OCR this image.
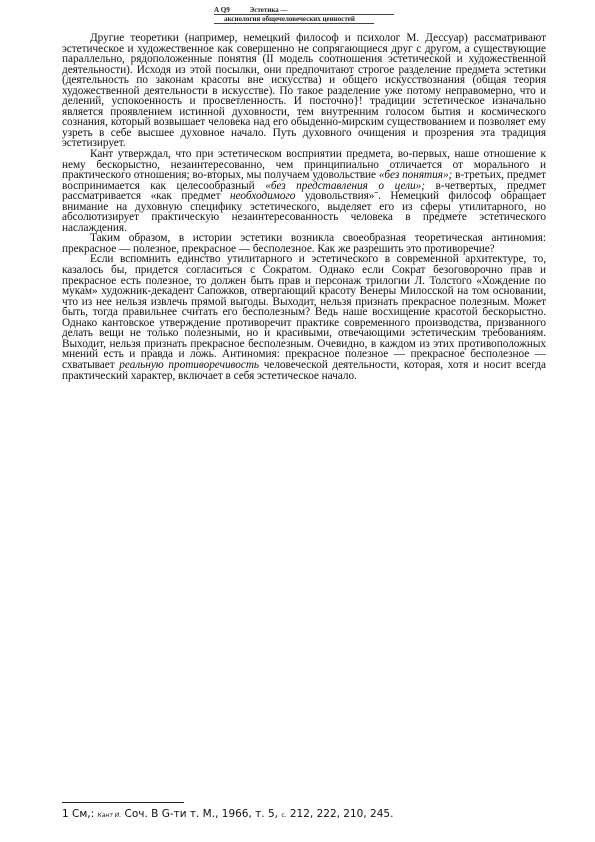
А Q9	Эстетика —
аксиология общечеловеческих ценностей

Другие теоретики (например, немецкий философ и психолог М. Дессуар) рассматривают эстетическое и художественное как совершенно не сопрягающиеся друг с другом, а существующие параллельно, рядоположенные понятия (II модель соотношения эстетической и художественной деятельности). Исходя из этой посылки, они предпочитают строгое разделение предмета эстетики (деятельность по законам красоты вне искусства) и общего искусствознания (общая теория художественной деятельности в искусстве). По такое разделение уже потому неправомерно, что и делений, успокоенность и просветленность. И посточно}! традиции эстетическое изначально является проявлением истинной духовности, тем внутренним голосом бытия и космического сознания, который возвышает человека над его обыденно-мирским существованием и позволяет ему узреть в себе высшее духовное начало. Путь духовного очищения и прозрения эта традиция эстетизирует.

Кант утверждал, что при эстетическом восприятии предмета, во-первых, наше отношение к нему бескорыстно, незаинтересованно, чем принципиально отличается от морального и практического отношения; во-вторых, мы получаем удовольствие «без понятия»; в-третьих, предмет воспринимается как целесообразный «без представления о цели»; в-четвертых, предмет рассматривается «как предмет необходимого удовольствия»ˉ. Немецкий философ обращает внимание на духовную специфику эстетического, выделяет его из сферы утилитарного, но абсолютизирует практическую незаинтересованность человека в предмете эстетического наслаждения.

Таким образом, в истории эстетики возникла своеобразная теоретическая антиномия: прекрасное — полезное, прекрасное — бесполезное. Как же разрешить это противоречие?

Если вспомнить единство утилитарного и эстетического в современной архитектуре, то, казалось бы, придется согласиться с Сократом. Однако если Сократ безоговорочно прав и прекрасное есть полезное, то должен быть прав и персонаж трилогии Л. Толстого «Хождение по мукам» художник-декадент Сапожков, отвергающий красоту Венеры Милосской на том основании, что из нее нельзя извлечь прямой выгоды. Выходит, нельзя признать прекрасное полезным. Может быть, тогда правильнее считать его бесполезным? Ведь наше восхищение красотой бескорыстно. Однако кантовское утверждение противоречит практике современного производства, призванного делать вещи не только полезными, но и красивыми, отвечающими эстетическим требованиям. Выходит, нельзя признать прекрасное бесполезным. Очевидно, в каждом из этих противоположных мнений есть и правда и ложь. Антиномия: прекрасное полезное — прекрасное бесполезное — схватывает реальную противоречивость человеческой деятельности, которая, хотя и носит всегда практический характер, включает в себя эстетическое начало.

1 См,: Кант И. Соч. В G-ти т. М., 1966, т. 5, с. 212, 222, 210, 245.
